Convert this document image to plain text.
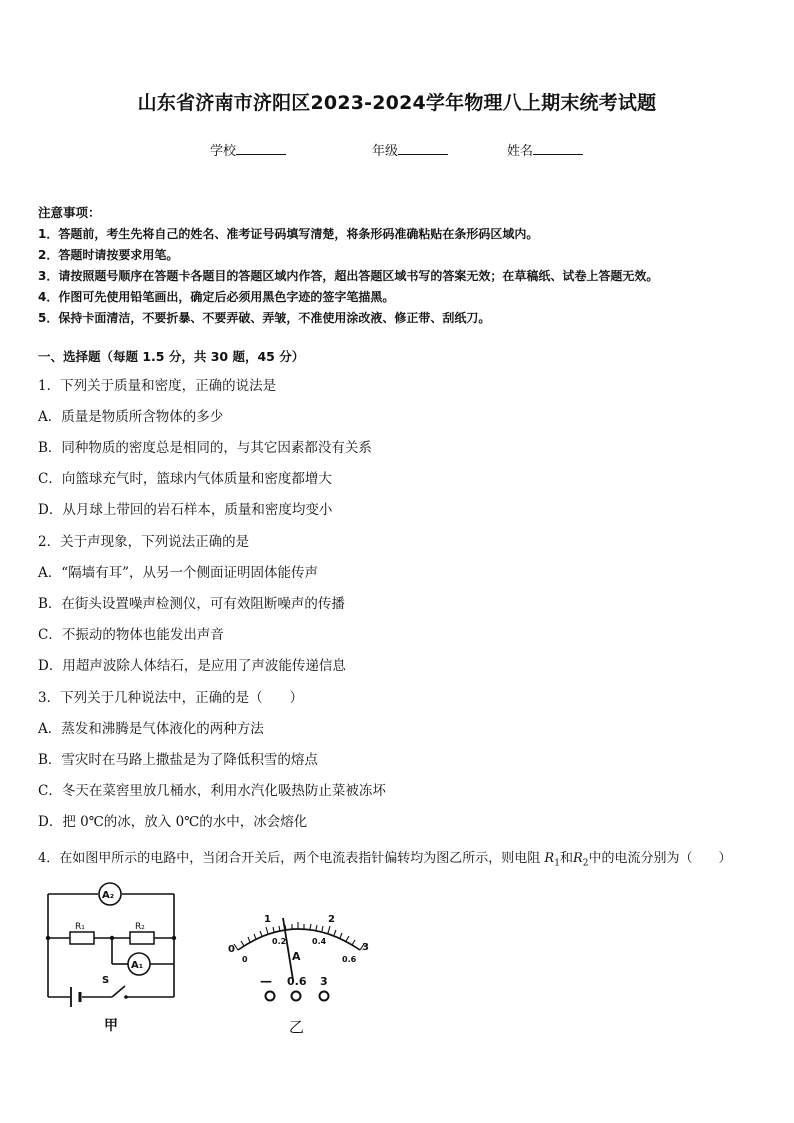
山东省济南市济阳区2023-2024学年物理八上期末统考试题
学校	年级	姓名
注意事项：
1．答题前，考生先将自己的姓名、准考证号码填写清楚，将条形码准确粘贴在条形码区域内。
2．答题时请按要求用笔。
3．请按照题号顺序在答题卡各题目的答题区域内作答，超出答题区域书写的答案无效；在草稿纸、试卷上答题无效。
4．作图可先使用铅笔画出，确定后必须用黑色字迹的签字笔描黑。
5．保持卡面清洁，不要折暴、不要弄破、弄皱，不准使用涂改液、修正带、刮纸刀。
一、选择题（每题 1.5 分，共 30 题，45 分）
1．下列关于质量和密度，正确的说法是
A．质量是物质所含物体的多少
B．同种物质的密度总是相同的，与其它因素都没有关系
C．向篮球充气时，篮球内气体质量和密度都增大
D．从月球上带回的岩石样本，质量和密度均变小
2．关于声现象，下列说法正确的是
A．“隔墙有耳”，从另一个侧面证明固体能传声
B．在街头设置噪声检测仪，可有效阻断噪声的传播
C．不振动的物体也能发出声音
D．用超声波除人体结石，是应用了声波能传递信息
3．下列关于几种说法中，正确的是（　　）
A．蒸发和沸腾是气体液化的两种方法
B．雪灾时在马路上撒盐是为了降低积雪的熔点
C．冬天在菜窖里放几桶水，利用水汽化吸热防止菜被冻坏
D．把 0℃的冰，放入 0℃的水中，冰会熔化
4．在如图甲所示的电路中，当闭合开关后，两个电流表指针偏转均为图乙所示，则电阻 $R_1$和$R_2$中的电流分别为（　　）
R₁	R₂
A₂
A₁
S
甲
0
1	2
3
0
0.2	0.4
0.6
A
— 0.6 3
乙
